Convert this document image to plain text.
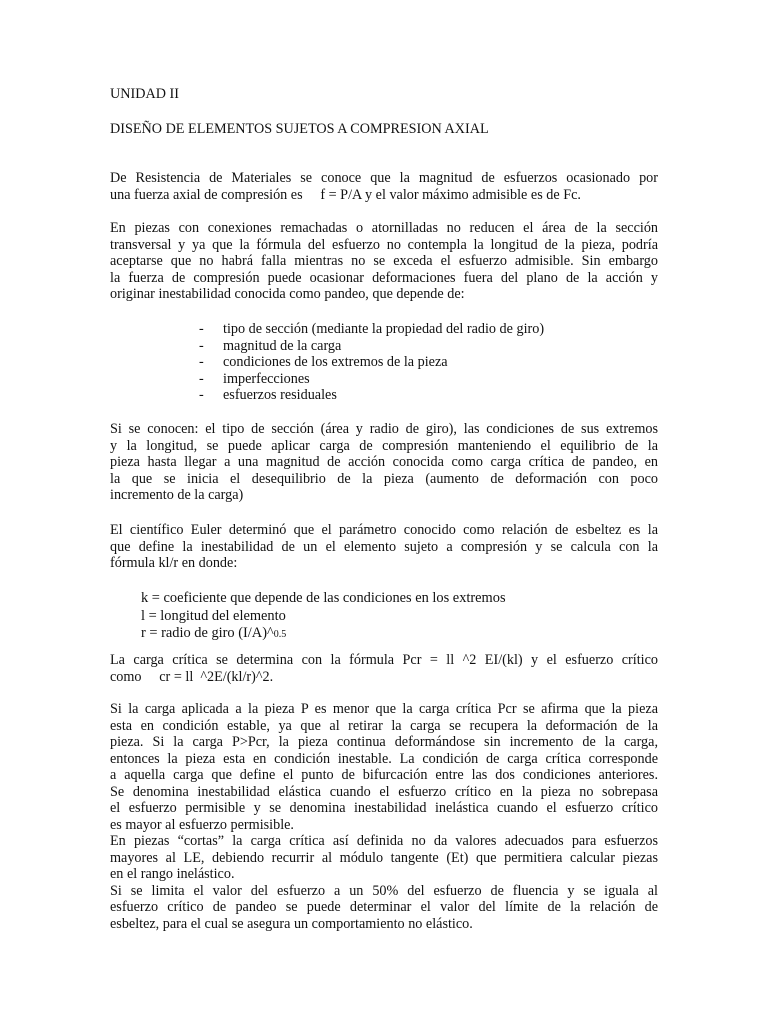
UNIDAD II

DISEÑO DE ELEMENTOS SUJETOS A COMPRESION AXIAL

De Resistencia de Materiales se conoce que la magnitud de esfuerzos ocasionado por
una fuerza axial de compresión es     f = P/A y el valor máximo admisible es de Fc.
En piezas con conexiones remachadas o atornilladas no reducen el área de la sección
transversal y ya que la fórmula del esfuerzo no contempla la longitud de la pieza, podría
aceptarse que no habrá falla mientras no se exceda el esfuerzo admisible. Sin embargo
la fuerza de compresión puede ocasionar deformaciones fuera del plano de la acción y
originar inestabilidad conocida como pandeo, que depende de:
-	tipo de sección (mediante la propiedad del radio de giro)
-	magnitud de la carga
-	condiciones de los extremos de la pieza
-	imperfecciones
-	esfuerzos residuales
Si se conocen: el tipo de sección (área y radio de giro), las condiciones de sus extremos
y la longitud, se puede aplicar carga de compresión manteniendo el equilibrio de la
pieza hasta llegar a una magnitud de acción conocida como carga crítica de pandeo, en
la que se inicia el desequilibrio de la pieza (aumento de deformación con poco
incremento de la carga)
El científico Euler determinó que el parámetro conocido como relación de esbeltez es la
que define la inestabilidad de un el elemento sujeto a compresión y se calcula con la
fórmula kl/r en donde:
k = coeficiente que depende de las condiciones en los extremos
l = longitud del elemento
r = radio de giro (I/A)^0.5
La carga crítica se determina con la fórmula Pcr = ll ^2 EI/(kl) y el esfuerzo crítico
como     cr = ll  ^2E/(kl/r)^2.
Si la carga aplicada a la pieza P es menor que la carga crítica Pcr se afirma que la pieza
esta en condición estable, ya que al retirar la carga se recupera la deformación de la
pieza. Si la carga P>Pcr, la pieza continua deformándose sin incremento de la carga,
entonces la pieza esta en condición inestable. La condición de carga crítica corresponde
a aquella carga que define el punto de bifurcación entre las dos condiciones anteriores.
Se denomina inestabilidad elástica cuando el esfuerzo crítico en la pieza no sobrepasa
el esfuerzo permisible y se denomina inestabilidad inelástica cuando el esfuerzo crítico
es mayor al esfuerzo permisible.
En piezas “cortas” la carga crítica así definida no da valores adecuados para esfuerzos
mayores al LE, debiendo recurrir al módulo tangente (Et) que permitiera calcular piezas
en el rango inelástico.
Si se limita el valor del esfuerzo a un 50% del esfuerzo de fluencia y se iguala al
esfuerzo crítico de pandeo se puede determinar el valor del límite de la relación de
esbeltez, para el cual se asegura un comportamiento no elástico.
